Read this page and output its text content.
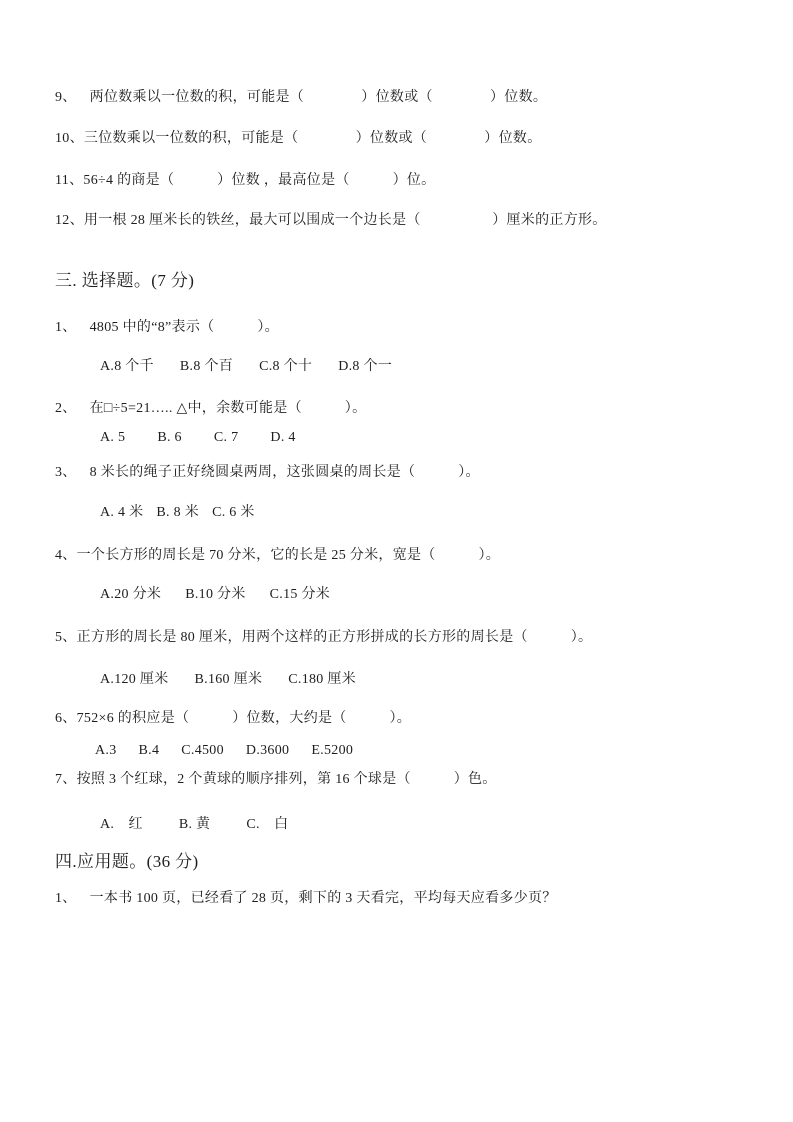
9、 两位数乘以一位数的积，可能是（　　　　）位数或（　　　　）位数。
10、三位数乘以一位数的积，可能是（　　　　）位数或（　　　　）位数。
11、56÷4 的商是（　　　）位数 ，最高位是（　　　）位。
12、用一根 28 厘米长的铁丝，最大可以围成一个边长是（　　　　　）厘米的正方形。
三. 选择题。(7 分)
1、 4805 中的“8”表示（　　　）。
A.8 个千 B.8 个百 C.8 个十 D.8 个一
2、 在□÷5=21….. △中，余数可能是（　　　）。
A. 5 B. 6 C. 7 D. 4
3、 8 米长的绳子正好绕圆桌两周，这张圆桌的周长是（　　　）。
A. 4 米 B. 8 米 C. 6 米
4、一个长方形的周长是 70 分米，它的长是 25 分米，宽是（　　　）。
A.20 分米 B.10 分米 C.15 分米
5、正方形的周长是 80 厘米，用两个这样的正方形拼成的长方形的周长是（　　　）。
A.120 厘米 B.160 厘米 C.180 厘米
6、752×6 的积应是（　　　）位数，大约是（　　　）。
A.3 B.4 C.4500 D.3600 E.5200
7、按照 3 个红球，2 个黄球的顺序排列，第 16 个球是（　　　）色。
A.　红	B. 黄	C.　白
四.应用题。(36 分)
1、 一本书 100 页，已经看了 28 页，剩下的 3 天看完，平均每天应看多少页？
